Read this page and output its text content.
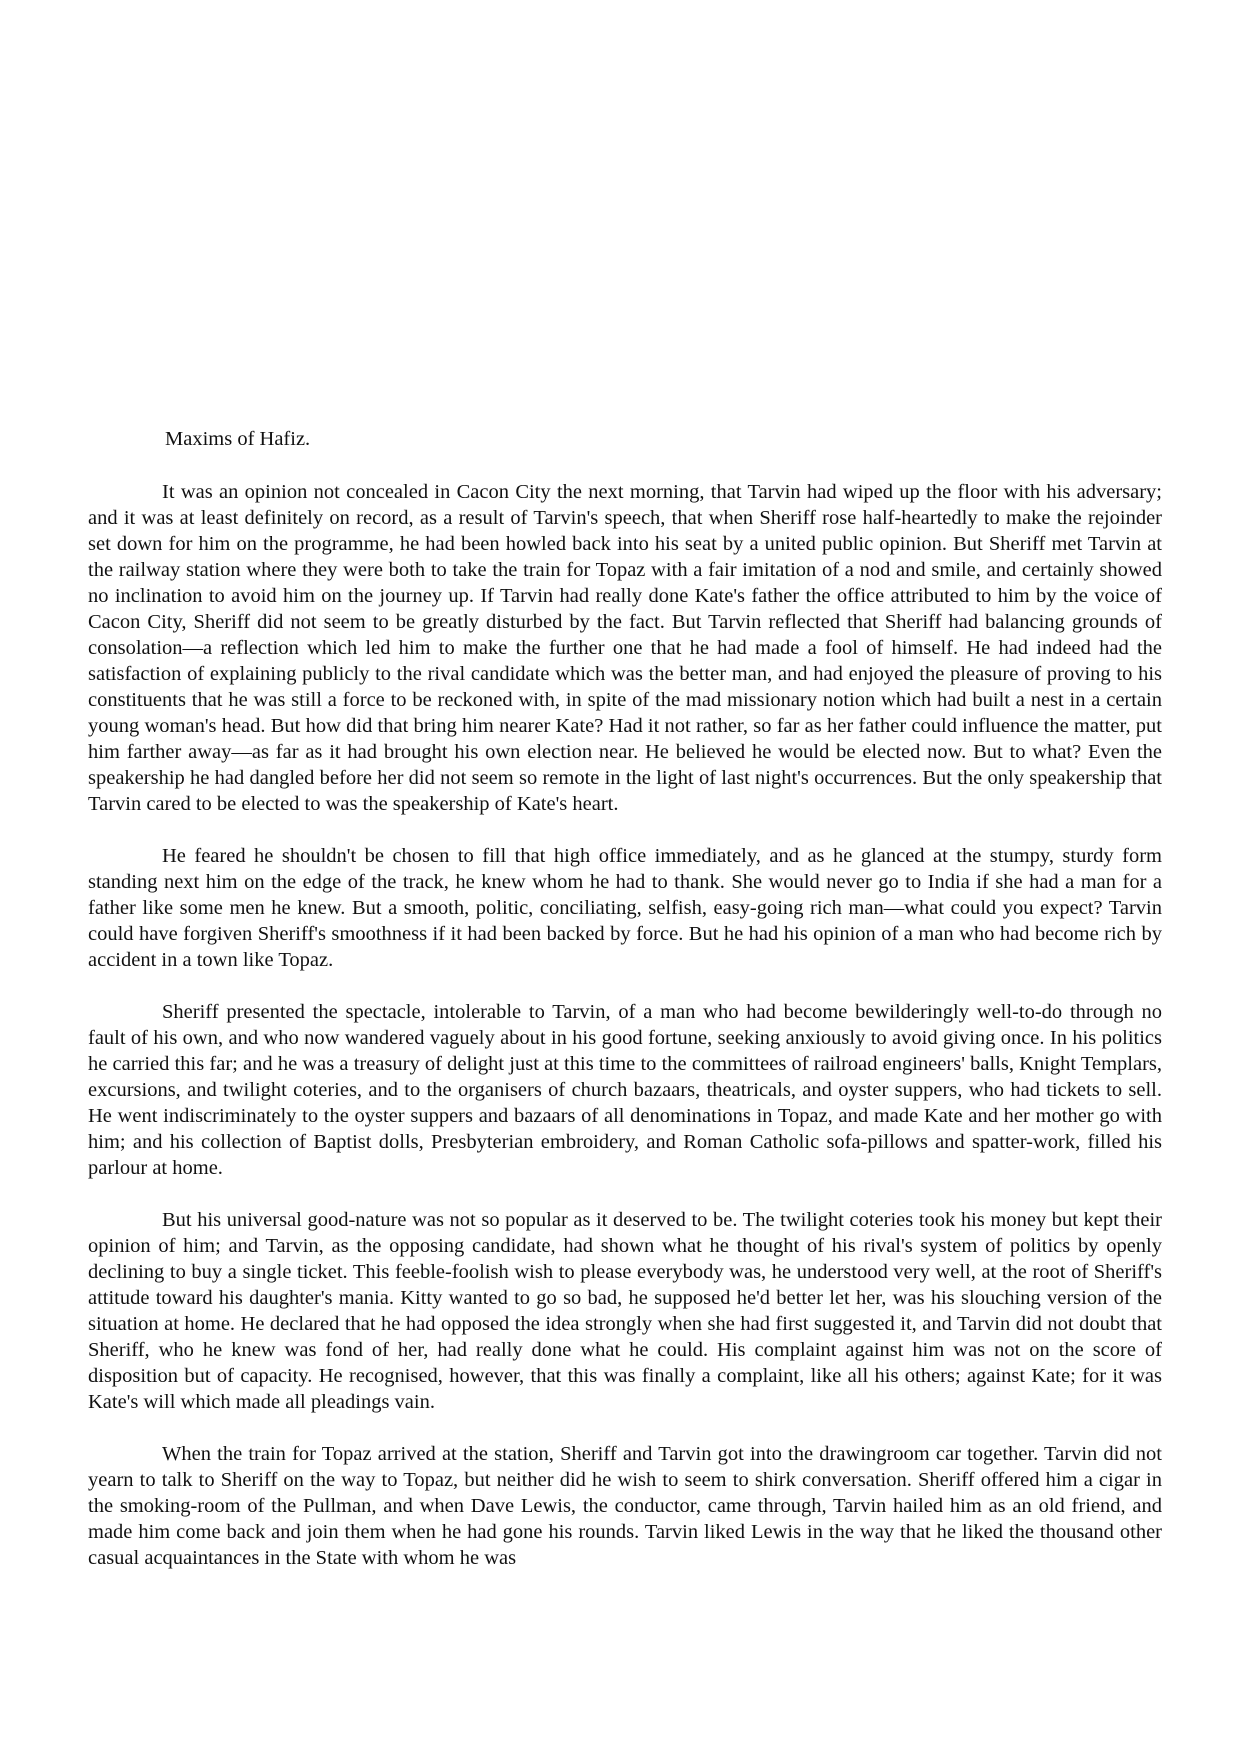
Maxims of Hafiz.

It was an opinion not concealed in Cacon City the next morning, that Tarvin had wiped up the floor with his adversary; and it was at least definitely on record, as a result of Tarvin's speech, that when Sheriff rose half-heartedly to make the rejoinder set down for him on the programme, he had been howled back into his seat by a united public opinion. But Sheriff met Tarvin at the railway station where they were both to take the train for Topaz with a fair imitation of a nod and smile, and certainly showed no inclination to avoid him on the journey up. If Tarvin had really done Kate's father the office attributed to him by the voice of Cacon City, Sheriff did not seem to be greatly disturbed by the fact. But Tarvin reflected that Sheriff had balancing grounds of consolation—a reflection which led him to make the further one that he had made a fool of himself. He had indeed had the satisfaction of explaining publicly to the rival candidate which was the better man, and had enjoyed the pleasure of proving to his constituents that he was still a force to be reckoned with, in spite of the mad missionary notion which had built a nest in a certain young woman's head. But how did that bring him nearer Kate? Had it not rather, so far as her father could influence the matter, put him farther away—as far as it had brought his own election near. He believed he would be elected now. But to what? Even the speakership he had dangled before her did not seem so remote in the light of last night's occurrences. But the only speakership that Tarvin cared to be elected to was the speakership of Kate's heart.

He feared he shouldn't be chosen to fill that high office immediately, and as he glanced at the stumpy, sturdy form standing next him on the edge of the track, he knew whom he had to thank. She would never go to India if she had a man for a father like some men he knew. But a smooth, politic, conciliating, selfish, easy-going rich man—what could you expect? Tarvin could have forgiven Sheriff's smoothness if it had been backed by force. But he had his opinion of a man who had become rich by accident in a town like Topaz.

Sheriff presented the spectacle, intolerable to Tarvin, of a man who had become bewilderingly well-to-do through no fault of his own, and who now wandered vaguely about in his good fortune, seeking anxiously to avoid giving once. In his politics he carried this far; and he was a treasury of delight just at this time to the committees of railroad engineers' balls, Knight Templars, excursions, and twilight coteries, and to the organisers of church bazaars, theatricals, and oyster suppers, who had tickets to sell. He went indiscriminately to the oyster suppers and bazaars of all denominations in Topaz, and made Kate and her mother go with him; and his collection of Baptist dolls, Presbyterian embroidery, and Roman Catholic sofa-pillows and spatter-work, filled his parlour at home.

But his universal good-nature was not so popular as it deserved to be. The twilight coteries took his money but kept their opinion of him; and Tarvin, as the opposing candidate, had shown what he thought of his rival's system of politics by openly declining to buy a single ticket. This feeble-foolish wish to please everybody was, he understood very well, at the root of Sheriff's attitude toward his daughter's mania. Kitty wanted to go so bad, he supposed he'd better let her, was his slouching version of the situation at home. He declared that he had opposed the idea strongly when she had first suggested it, and Tarvin did not doubt that Sheriff, who he knew was fond of her, had really done what he could. His complaint against him was not on the score of disposition but of capacity. He recognised, however, that this was finally a complaint, like all his others; against Kate; for it was Kate's will which made all pleadings vain.

When the train for Topaz arrived at the station, Sheriff and Tarvin got into the drawingroom car together. Tarvin did not yearn to talk to Sheriff on the way to Topaz, but neither did he wish to seem to shirk conversation. Sheriff offered him a cigar in the smoking-room of the Pullman, and when Dave Lewis, the conductor, came through, Tarvin hailed him as an old friend, and made him come back and join them when he had gone his rounds. Tarvin liked Lewis in the way that he liked the thousand other casual acquaintances in the State with whom he was
